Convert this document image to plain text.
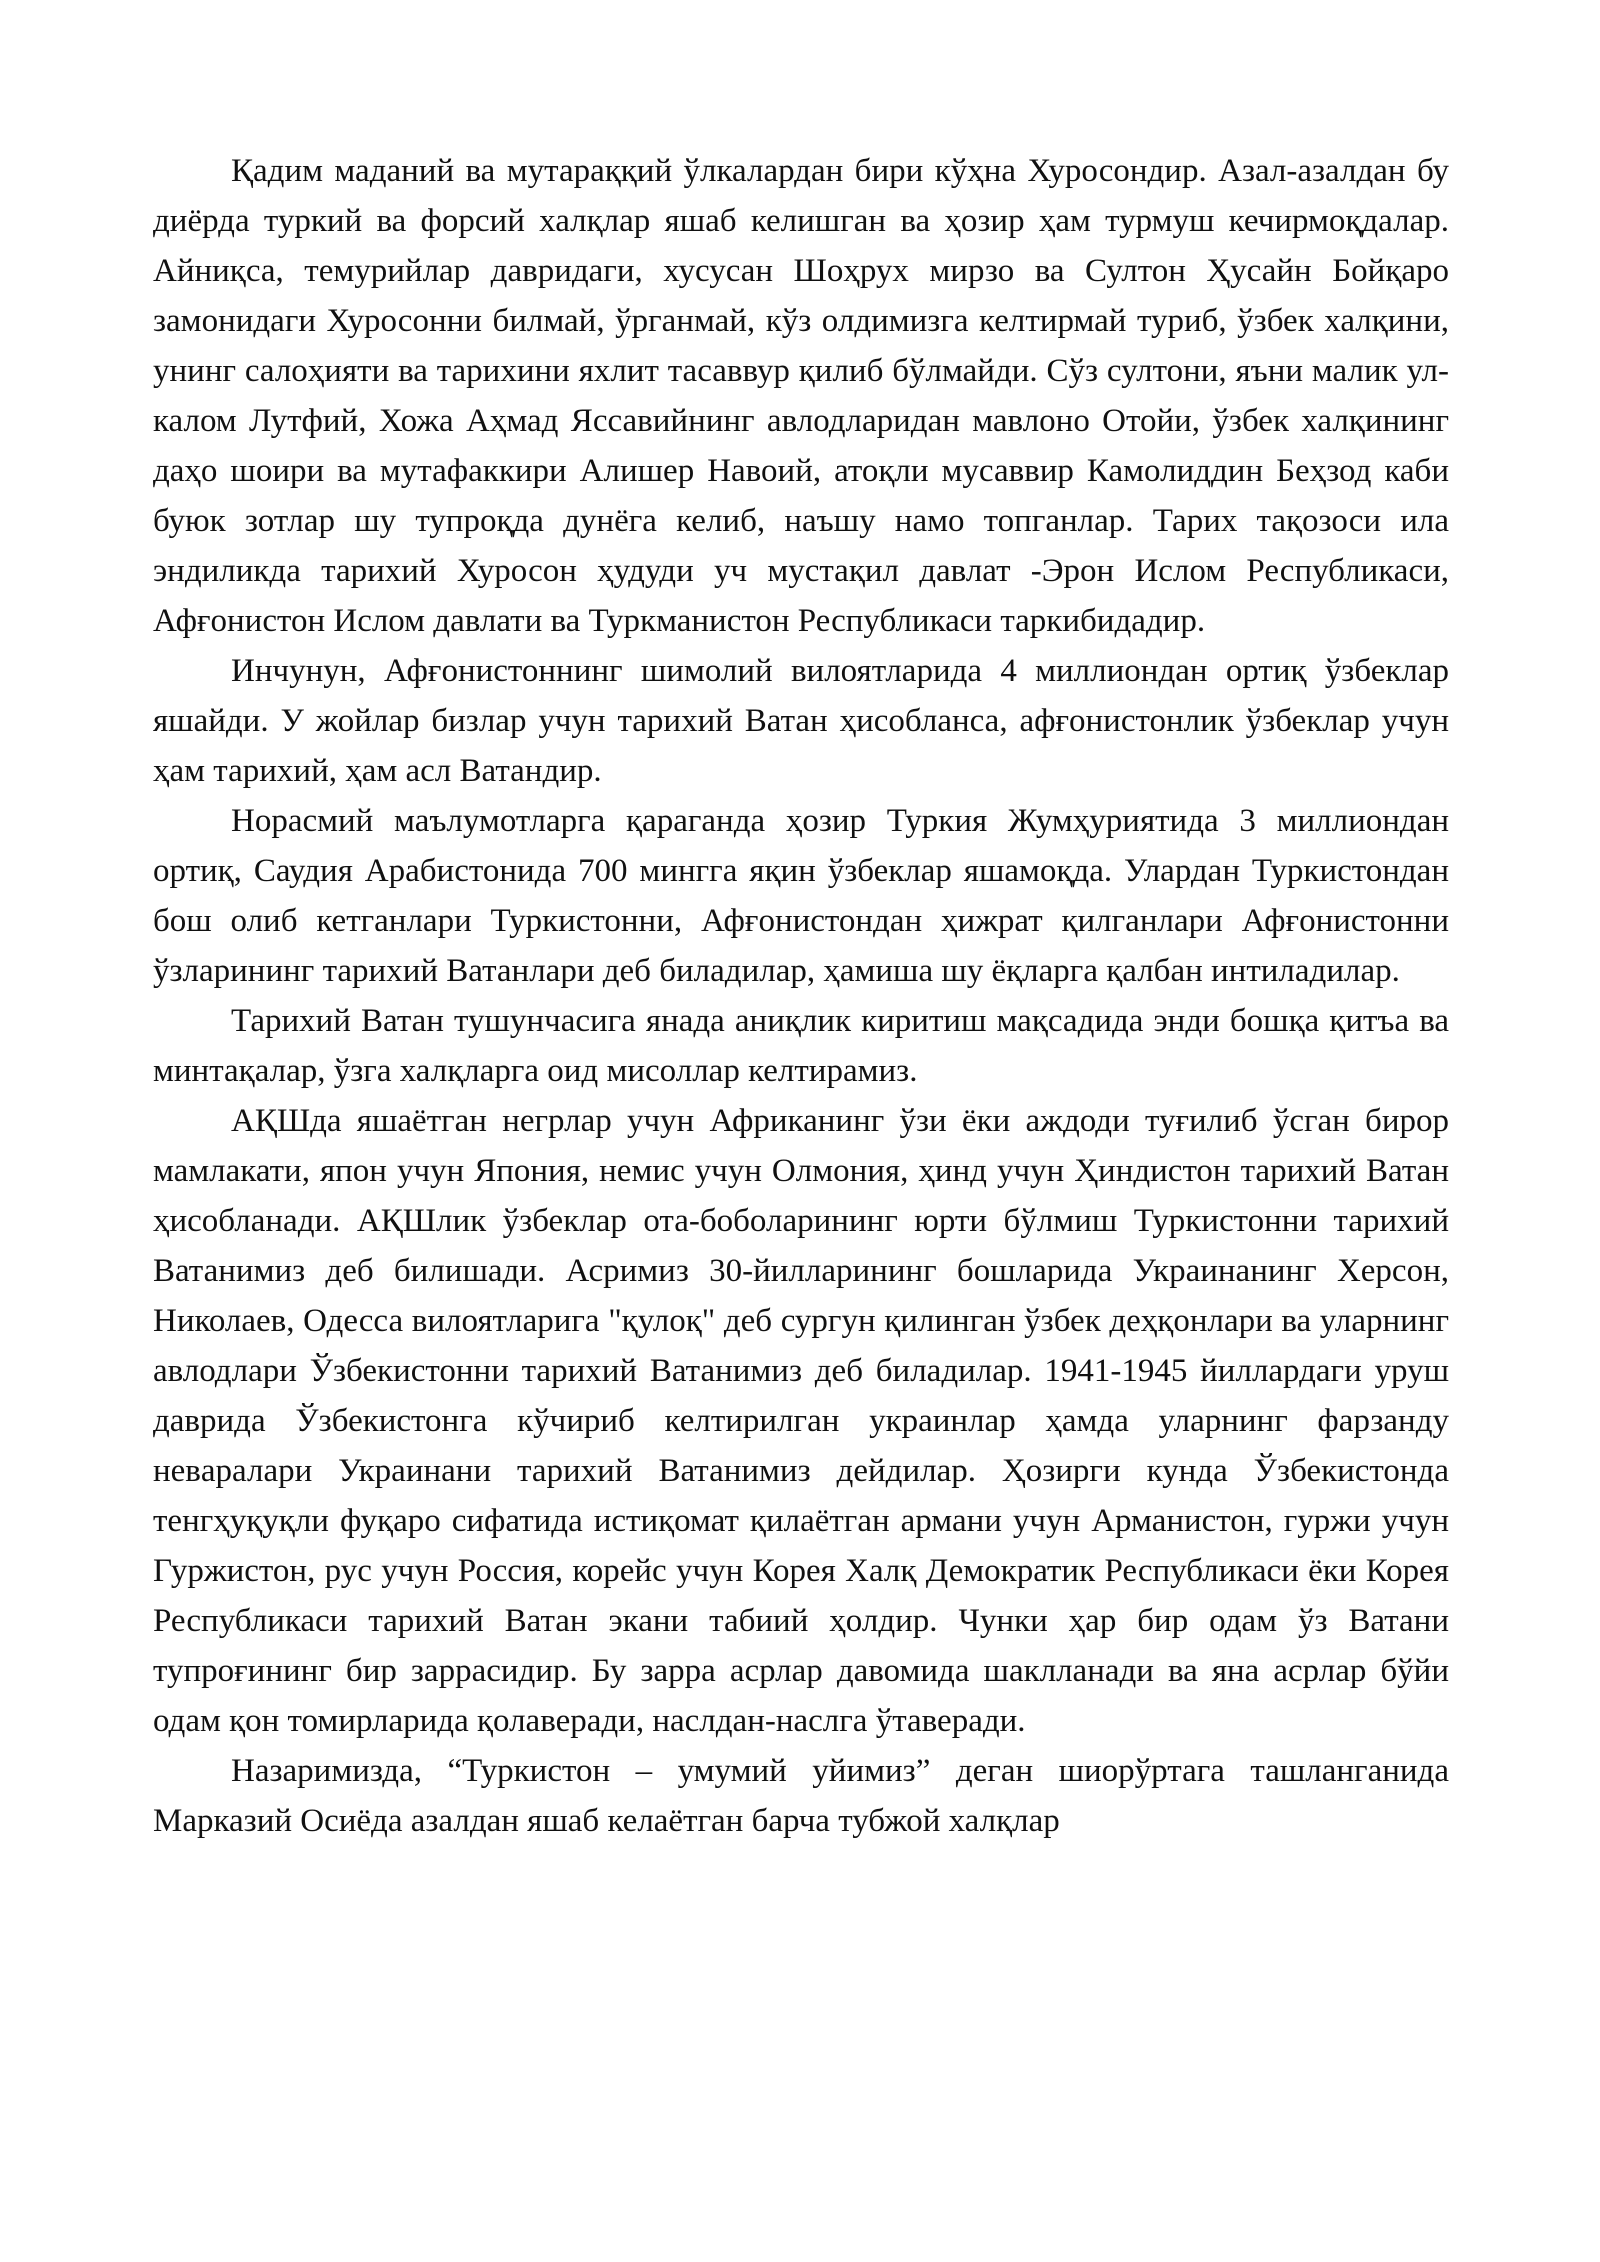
Қадим маданий ва мутараққий ўлкалардан бири кўҳна Хуросондир. Азал-азалдан бу диёрда туркий ва форсий халқлар яшаб келишган ва ҳозир ҳам турмуш кечирмоқдалар. Айниқса, темурийлар давридаги, хусусан Шоҳрух мирзо ва Султон Ҳусайн Бойқаро замонидаги Хуросонни билмай, ўрганмай, кўз олдимизга келтирмай туриб, ўзбек халқини, унинг салоҳияти ва тарихини яхлит тасаввур қилиб бўлмайди. Сўз султони, яъни малик ул-калом Лутфий, Хожа Аҳмад Яссавийнинг авлодларидан мавлоно Отойи, ўзбек халқининг даҳо шоири ва мутафаккири Алишер Навоий, атоқли мусаввир Камолиддин Беҳзод каби буюк зотлар шу тупроқда дунёга келиб, наъшу намо топганлар. Тарих тақозоси ила эндиликда тарихий Хуросон ҳудуди уч мустақил давлат -Эрон Ислом Республикаси, Афғонистон Ислом давлати ва Туркманистон Республикаси таркибидадир.

Инчунун, Афғонистоннинг шимолий вилоятларида 4 миллиондан ортиқ ўзбеклар яшайди. У жойлар бизлар учун тарихий Ватан ҳисобланса, афғонистонлик ўзбеклар учун ҳам тарихий, ҳам асл Ватандир.

Норасмий маълумотларга қараганда ҳозир Туркия Жумҳуриятида 3 миллиондан ортиқ, Саудия Арабистонида 700 мингга яқин ўзбеклар яшамоқда. Улардан Туркистондан бош олиб кетганлари Туркистонни, Афғонистондан ҳижрат қилганлари Афғонистонни ўзларининг тарихий Ватанлари деб биладилар, ҳамиша шу ёқларга қалбан интиладилар.

Тарихий Ватан тушунчасига янада аниқлик киритиш мақсадида энди бошқа қитъа ва минтақалар, ўзга халқларга оид мисоллар келтирамиз.

АҚШда яшаётган негрлар учун Африканинг ўзи ёки аждоди туғилиб ўсган бирор мамлакати, япон учун Япония, немис учун Олмония, ҳинд учун Ҳиндистон тарихий Ватан ҳисобланади. АҚШлик ўзбеклар ота-боболарининг юрти бўлмиш Туркистонни тарихий Ватанимиз деб билишади. Асримиз 30-йилларининг бошларида Украинанинг Херсон, Николаев, Одесса вилоятларига "қулоқ" деб сургун қилинган ўзбек деҳқонлари ва уларнинг авлодлари Ўзбекистонни тарихий Ватанимиз деб биладилар. 1941-1945 йиллардаги уруш даврида Ўзбекистонга кўчириб келтирилган украинлар ҳамда уларнинг фарзанду невaралари Украинани тарихий Ватанимиз дейдилар. Ҳозирги кунда Ўзбекистонда тенгҳуқуқли фуқаро сифатида истиқомат қилаётган армани учун Арманистон, гуржи учун Гуржистон, рус учун Россия, корейс учун Корея Халқ Демократик Республикаси ёки Корея Республикаси тарихий Ватан экани табиий ҳолдир. Чунки ҳар бир одам ўз Ватани тупроғининг бир заррасидир. Бу зарра асрлар давомида шаклланади ва яна асрлар бўйи одам қон томирларида қолаверади, наслдан-наслга ўтаверади.

Назаримизда, “Туркистон – умумий уйимиз” деган шиорўртага ташланганида Марказий Осиёда азалдан яшаб келаётган барча тубжой халқлар
